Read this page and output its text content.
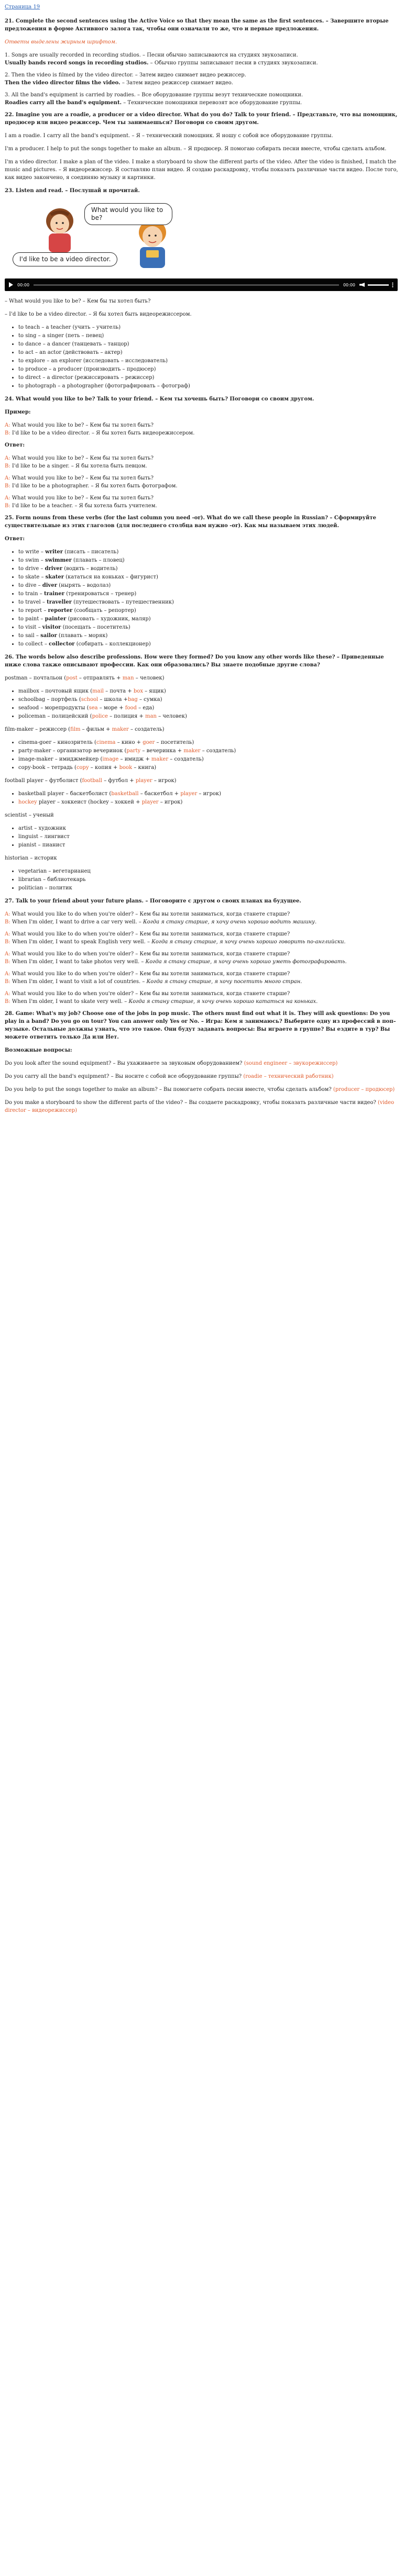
Страница 19
21. Complete the second sentences using the Active Voice so that they mean the same as the first sentences. – Завершите вторые предложения в форме Активного залога так, чтобы они означали то же, что и первые предложения.
Ответы выделены жирным шрифтом.
1. Songs are usually recorded in recording studios. – Песни обычно записываются на студиях звукозаписи.
Usually bands record songs in recording studios. – Обычно группы записывают песни в студиях звукозаписи.
2. Then the video is filmed by the video director. – Затем видео снимает видео режиссер.
Then the video director films the video. – Затем видео режиссер снимает видео.
3. All the band's equipment is carried by roadies. – Все оборудование группы везут технические помощники.
Roadies carry all the band's equipment. – Технические помощники перевозят все оборудование группы.
22. Imagine you are a roadie, a producer or a video director. What do you do? Talk to your friend. – Представьте, что вы помощник, продюсер или видео режиссер. Чем ты занимаешься? Поговори со своим другом.

I am a roadie. I carry all the band's equipment. – Я – технический помощник. Я ношу с собой все оборудование группы.

I'm a producer. I help to put the songs together to make an album. – Я продюсер. Я помогаю собирать песни вместе, чтобы сделать альбом.

I'm a video director. I make a plan of the video. I make a storyboard to show the different parts of the video. After the video is finished, I match the music and pictures. – Я видеорежиссер. Я составляю план видео. Я создаю раскадровку, чтобы показать различные части видео. После того, как видео закончено, я соединяю музыку и картинки.

23. Listen and read. – Послушай и прочитай.
What would you like to be?
I'd like to be a video director.
00:00	00:00

– What would you like to be? – Кем бы ты хотел быть?

– I'd like to be a video director. – Я бы хотел быть видеорежиссером.

• to teach – a teacher (учить – учитель)
• to sing – a singer (петь – певец)
• to dance – a dancer (танцевать – танцор)
• to act – an actor (действовать – актер)
• to explore – an explorer (исследовать – исследователь)
• to produce – a producer (производить – продюсер)
• to direct – a director (режиссировать – режиссер)
• to photograph – a photographer (фотографировать – фотограф)
24. What would you like to be? Talk to your friend. – Кем ты хочешь быть? Поговори со своим другом.
Пример:
A: What would you like to be? – Кем бы ты хотел быть?
B: I'd like to be a video director. – Я бы хотел быть видеорежиссером.
Ответ:
A: What would you like to be? – Кем бы ты хотел быть?
B: I'd like to be a singer. – Я бы хотела быть певцом.
A: What would you like to be? – Кем бы ты хотел быть?
B: I'd like to be a photographer. – Я бы хотел быть фотографом.
A: What would you like to be? – Кем бы ты хотел быть?
B: I'd like to be a teacher. – Я бы хотела быть учителем.
25. Form nouns from these verbs (for the last column you need -or). What do we call these people in Russian? – Сформируйте существительные из этих глаголов (для последнего столбца вам нужно -or). Как мы называем этих людей.
Ответ:
• to write – writer (писать – писатель)
• to swim – swimmer (плавать – пловец)
• to drive – driver (водить – водитель)
• to skate – skater (кататься на коньках – фигурист)
• to dive – diver (нырять – водолаз)
• to train – trainer (тренироваться – тренер)
• to travel – traveller (путешествовать – путешественник)
• to report – reporter (сообщать – репортер)
• to paint – painter (рисовать – художник, маляр)
• to visit – visitor (посещать – посетитель)
• to sail – sailor (плавать – моряк)
• to collect – collector (собирать – коллекционер)
26. The words below also describe professions. How were they formed? Do you know any other words like these? – Приведенные ниже слова также описывают профессии. Как они образовались? Вы знаете подобные другие слова?

postman – почтальон (post – отправлять + man – человек)

• mailbox – почтовый ящик (mail – почта + box – ящик)
• schoolbag – портфель (school – школа +bag – сумка)
• seafood – морепродукты (sea – море + food – еда)
• policeman – полицейский (police – полиция + man – человек)

film-maker – режиссер (film – фильм + maker – создатель)

• cinema-goer – кинозритель (cinema – кино + goer – посетитель)
• party-maker – организатор вечеринок (party – вечеринка + maker – создатель)
• image-maker – имиджмейкер (image – имидж + maker – создатель)
• copy-book – тетрадь (copy – копия + book – книга)

football player – футболист (football – футбол + player – игрок)

• basketball player – баскетболист (basketball – баскетбол + player – игрок)
• hockey player – хоккеист (hockey – хоккей + player – игрок)

scientist – ученый

• artist – художник
• linguist – лингвист
• pianist – пианист

historian – историк

• vegetarian – вегетарианец
• librarian – библиотекарь
• politician – политик
27. Talk to your friend about your future plans. – Поговорите с другом о своих планах на будущее.
A: What would you like to do when you're older? – Кем бы вы хотели заниматься, когда станете старше?
B: When I'm older, I want to drive a car very well. – Когда я стану старше, я хочу очень хорошо водить машину.
A: What would you like to do when you're older? – Кем бы вы хотели заниматься, когда станете старше?
B: When I'm older, I want to speak English very well. – Когда я стану старше, я хочу очень хорошо говорить по-английски.
A: What would you like to do when you're older? – Кем бы вы хотели заниматься, когда станете старше?
B: When I'm older, I want to take photos very well. – Когда я стану старше, я хочу очень хорошо уметь фотографировать.
A: What would you like to do when you're older? – Кем бы вы хотели заниматься, когда станете старше?
B: When I'm older, I want to visit a lot of countries. – Когда я стану старше, я хочу посетить много стран.
A: What would you like to do when you're older? – Кем бы вы хотели заниматься, когда станете старше?
B: When I'm older, I want to skate very well. – Когда я стану старше, я хочу очень хорошо кататься на коньках.
28. Game: What's my job? Choose one of the jobs in pop music. The others must find out what it is. They will ask questions: Do you play in a band? Do you go on tour? You can answer only Yes or No. – Игра: Кем я занимаюсь? Выберите одну из профессий в поп–музыке. Остальные должны узнать, что это такое. Они будут задавать вопросы: Вы играете в группе? Вы ездите в тур? Вы можете ответить только Да или Нет.
Возможные вопросы:

Do you look after the sound equipment? – Вы ухаживаете за звуковым оборудованием? (sound engineer – звукорежиссер)

Do you carry all the band's equipment? – Вы носите с собой все оборудование группы? (roadie – технический работник)

Do you help to put the songs together to make an album? – Вы помогаете собрать песни вместе, чтобы сделать альбом? (producer – продюсер)

Do you make a storyboard to show the different parts of the video? – Вы создаете раскадровку, чтобы показать различные части видео? (video director – видеорежиссер)
